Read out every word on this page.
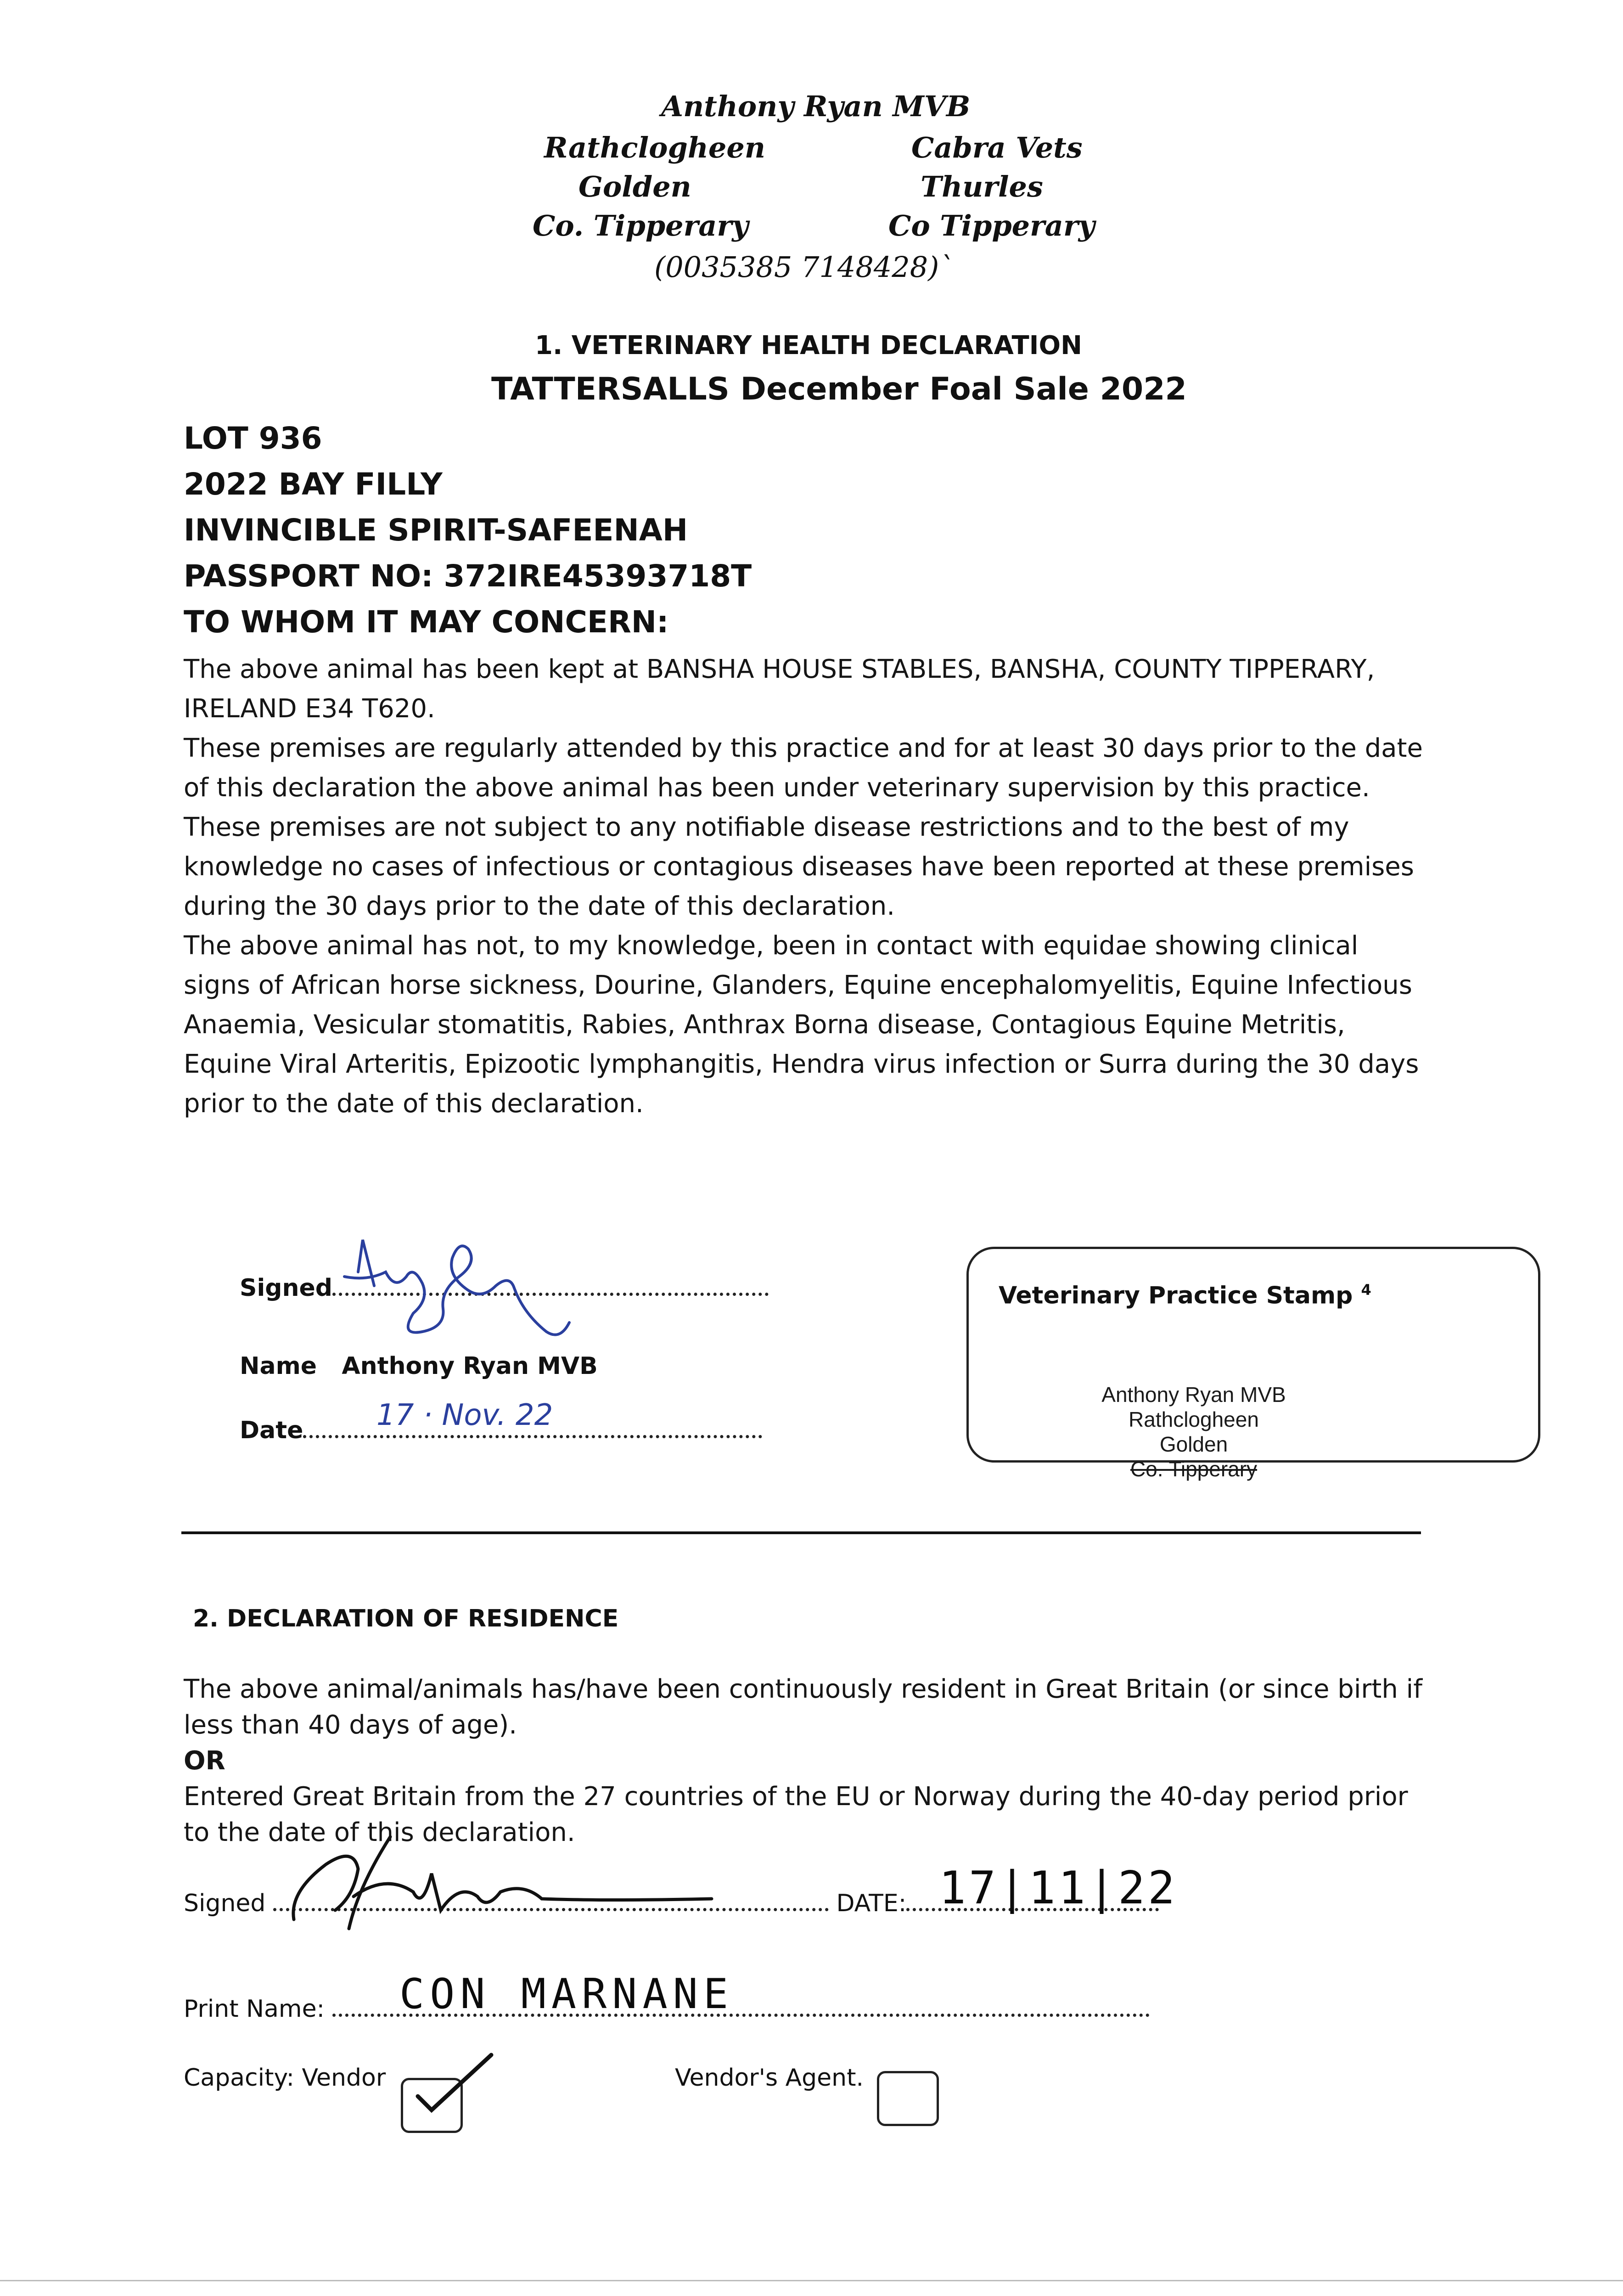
Anthony Ryan MVB
Rathclogheen
Golden
Co. Tipperary
Cabra Vets
Thurles
Co Tipperary
(0035385 7148428)`
1. VETERINARY HEALTH DECLARATION
TATTERSALLS December Foal Sale 2022
LOT 936
2022 BAY FILLY
INVINCIBLE SPIRIT-SAFEENAH
PASSPORT NO: 372IRE45393718T
TO WHOM IT MAY CONCERN:

The above animal has been kept at BANSHA HOUSE STABLES, BANSHA, COUNTY TIPPERARY, IRELAND E34 T620.

These premises are regularly attended by this practice and for at least 30 days prior to the date of this declaration the above animal has been under veterinary supervision by this practice.

These premises are not subject to any notifiable disease restrictions and to the best of my knowledge no cases of infectious or contagious diseases have been reported at these premises during the 30 days prior to the date of this declaration.

The above animal has not, to my knowledge, been in contact with equidae showing clinical signs of African horse sickness, Dourine, Glanders, Equine encephalomyelitis, Equine Infectious Anaemia, Vesicular stomatitis, Rabies, Anthrax Borna disease, Contagious Equine Metritis, Equine Viral Arteritis, Epizootic lymphangitis, Hendra virus infection or Surra during the 30 days prior to the date of this declaration.

Signed
Name Anthony Ryan MVB
Date	17 · Nov. 22
Veterinary Practice Stamp $^4$
Anthony Ryan MVB
Rathclogheen
Golden
Co. Tipperary
2. DECLARATION OF RESIDENCE

The above animal/animals has/have been continuously resident in Great Britain (or since birth if less than 40 days of age).

OR

Entered Great Britain from the 27 countries of the EU or Norway during the 40-day period prior to the date of this declaration.

Signed	DATE: 17|11|22
Print Name:	CON MARNANE
Capacity: Vendor	Vendor's Agent.
